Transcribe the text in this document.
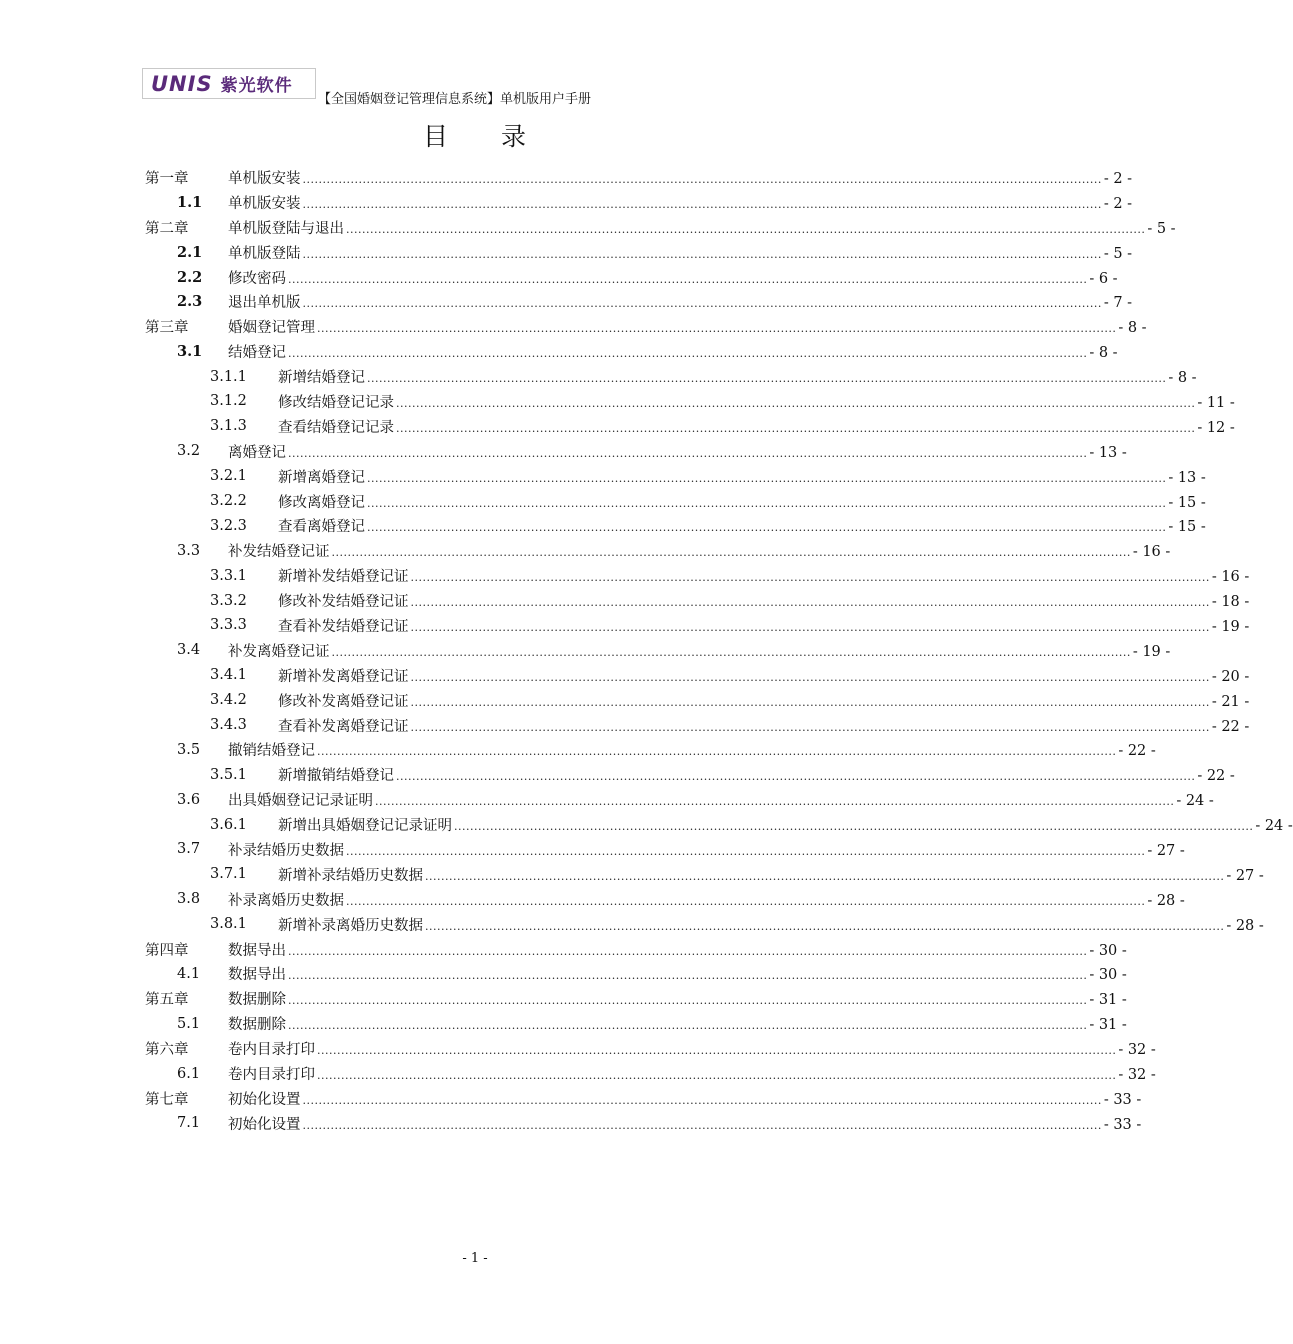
UNIS 紫光软件
【全国婚姻登记管理信息系统】单机版用户手册
目　　录
第一章	单机版安装 ........................................................................................................................................................................................................ - 2 -
1.1 单机版安装 ........................................................................................................................................................................................................ - 2 -
第二章	单机版登陆与退出 ........................................................................................................................................................................................................ - 5 -
2.1 单机版登陆 ........................................................................................................................................................................................................ - 5 -
2.2 修改密码 ........................................................................................................................................................................................................ - 6 -
2.3 退出单机版 ........................................................................................................................................................................................................ - 7 -
第三章	婚姻登记管理 ........................................................................................................................................................................................................ - 8 -
3.1 结婚登记 ........................................................................................................................................................................................................ - 8 -
3.1.1 新增结婚登记 ........................................................................................................................................................................................................ - 8 -
3.1.2 修改结婚登记记录 ........................................................................................................................................................................................................ - 11 -
3.1.3 查看结婚登记记录 ........................................................................................................................................................................................................ - 12 -
3.2 离婚登记 ........................................................................................................................................................................................................ - 13 -
3.2.1 新增离婚登记 ........................................................................................................................................................................................................ - 13 -
3.2.2 修改离婚登记 ........................................................................................................................................................................................................ - 15 -
3.2.3 查看离婚登记 ........................................................................................................................................................................................................ - 15 -
3.3 补发结婚登记证 ........................................................................................................................................................................................................ - 16 -
3.3.1 新增补发结婚登记证 ........................................................................................................................................................................................................ - 16 -
3.3.2 修改补发结婚登记证 ........................................................................................................................................................................................................ - 18 -
3.3.3 查看补发结婚登记证 ........................................................................................................................................................................................................ - 19 -
3.4 补发离婚登记证 ........................................................................................................................................................................................................ - 19 -
3.4.1 新增补发离婚登记证 ........................................................................................................................................................................................................ - 20 -
3.4.2 修改补发离婚登记证 ........................................................................................................................................................................................................ - 21 -
3.4.3 查看补发离婚登记证 ........................................................................................................................................................................................................ - 22 -
3.5 撤销结婚登记 ........................................................................................................................................................................................................ - 22 -
3.5.1 新增撤销结婚登记 ........................................................................................................................................................................................................ - 22 -
3.6 出具婚姻登记记录证明 ........................................................................................................................................................................................................ - 24 -
3.6.1 新增出具婚姻登记记录证明 ........................................................................................................................................................................................................ - 24 -
3.7 补录结婚历史数据 ........................................................................................................................................................................................................ - 27 -
3.7.1 新增补录结婚历史数据 ........................................................................................................................................................................................................ - 27 -
3.8 补录离婚历史数据 ........................................................................................................................................................................................................ - 28 -
3.8.1 新增补录离婚历史数据 ........................................................................................................................................................................................................ - 28 -
第四章	数据导出 ........................................................................................................................................................................................................ - 30 -
4.1 数据导出 ........................................................................................................................................................................................................ - 30 -
第五章	数据删除 ........................................................................................................................................................................................................ - 31 -
5.1 数据删除 ........................................................................................................................................................................................................ - 31 -
第六章	卷内目录打印 ........................................................................................................................................................................................................ - 32 -
6.1 卷内目录打印 ........................................................................................................................................................................................................ - 32 -
第七章	初始化设置 ........................................................................................................................................................................................................ - 33 -
7.1 初始化设置 ........................................................................................................................................................................................................ - 33 -
- 1 -
